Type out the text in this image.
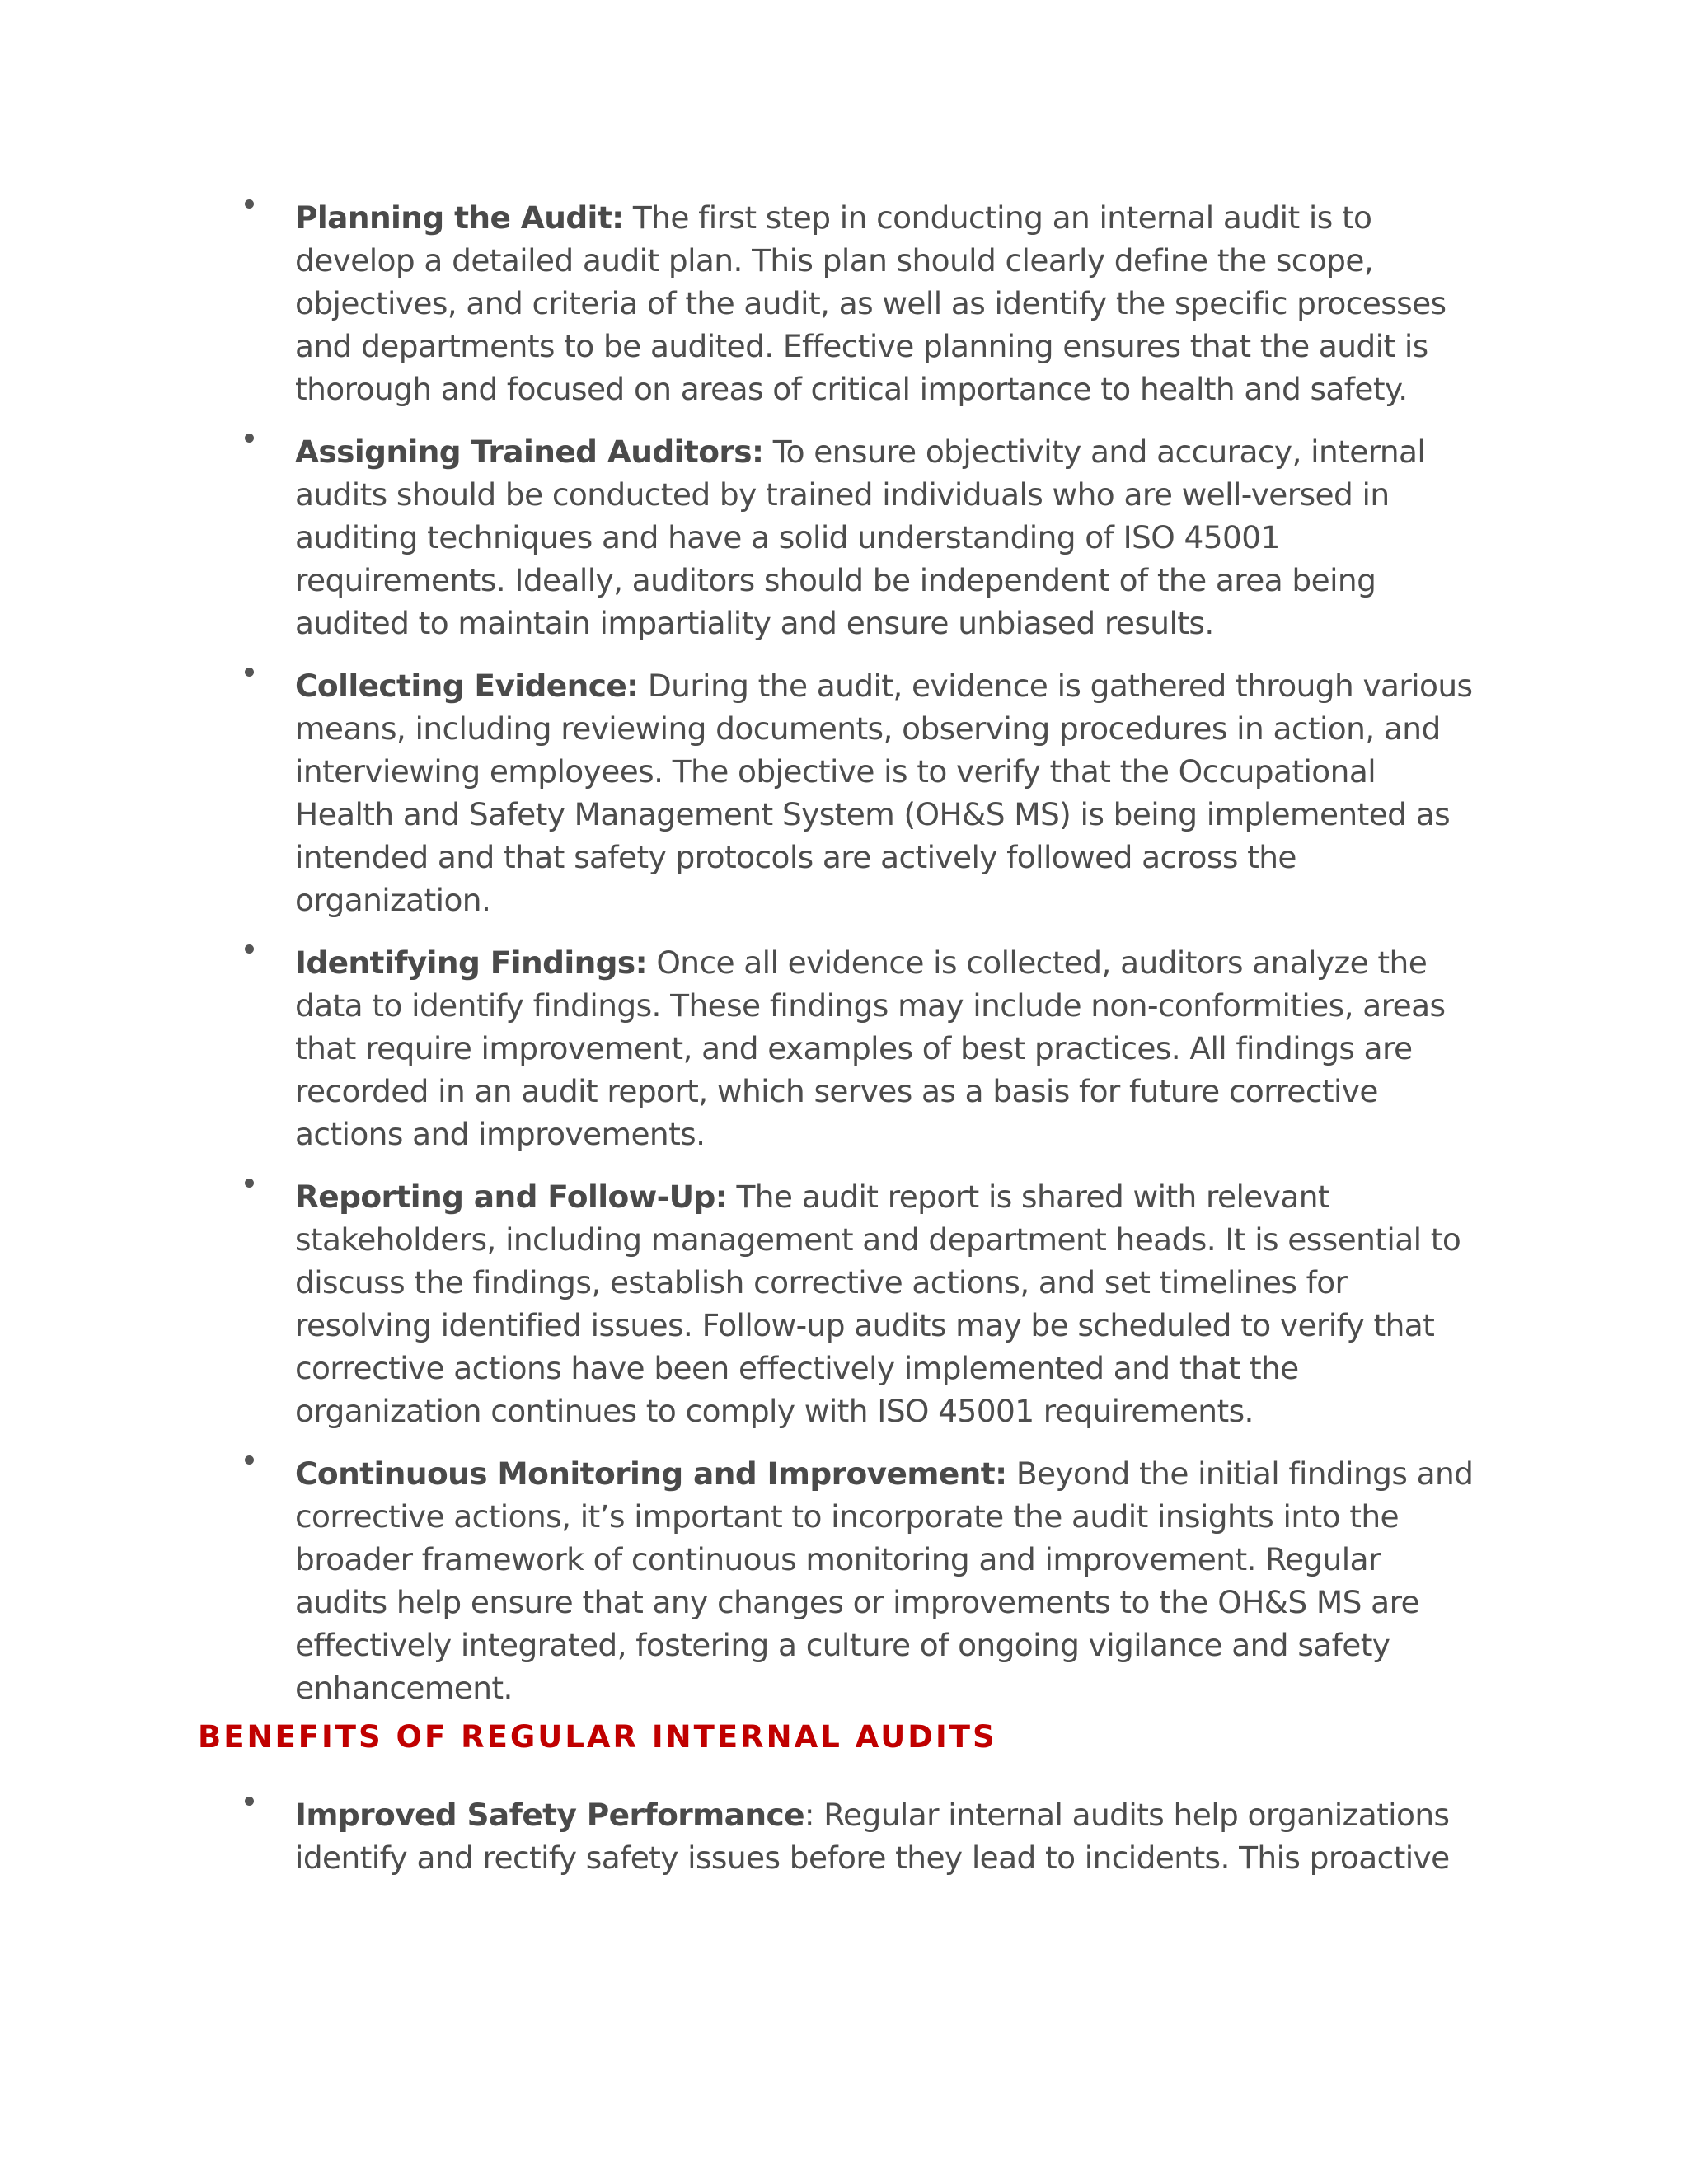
Planning the Audit: The first step in conducting an internal audit is to develop a detailed audit plan. This plan should clearly define the scope, objectives, and criteria of the audit, as well as identify the specific processes and departments to be audited. Effective planning ensures that the audit is thorough and focused on areas of critical importance to health and safety.
Assigning Trained Auditors: To ensure objectivity and accuracy, internal audits should be conducted by trained individuals who are well-versed in auditing techniques and have a solid understanding of ISO 45001 requirements. Ideally, auditors should be independent of the area being audited to maintain impartiality and ensure unbiased results.
Collecting Evidence: During the audit, evidence is gathered through various means, including reviewing documents, observing procedures in action, and interviewing employees. The objective is to verify that the Occupational Health and Safety Management System (OH&S MS) is being implemented as intended and that safety protocols are actively followed across the organization.
Identifying Findings: Once all evidence is collected, auditors analyze the data to identify findings. These findings may include non-conformities, areas that require improvement, and examples of best practices. All findings are recorded in an audit report, which serves as a basis for future corrective actions and improvements.
Reporting and Follow-Up: The audit report is shared with relevant stakeholders, including management and department heads. It is essential to discuss the findings, establish corrective actions, and set timelines for resolving identified issues. Follow-up audits may be scheduled to verify that corrective actions have been effectively implemented and that the organization continues to comply with ISO 45001 requirements.
Continuous Monitoring and Improvement: Beyond the initial findings and corrective actions, it’s important to incorporate the audit insights into the broader framework of continuous monitoring and improvement. Regular audits help ensure that any changes or improvements to the OH&S MS are effectively integrated, fostering a culture of ongoing vigilance and safety enhancement.
BENEFITS OF REGULAR INTERNAL AUDITS
Improved Safety Performance: Regular internal audits help organizations identify and rectify safety issues before they lead to incidents. This proactive
